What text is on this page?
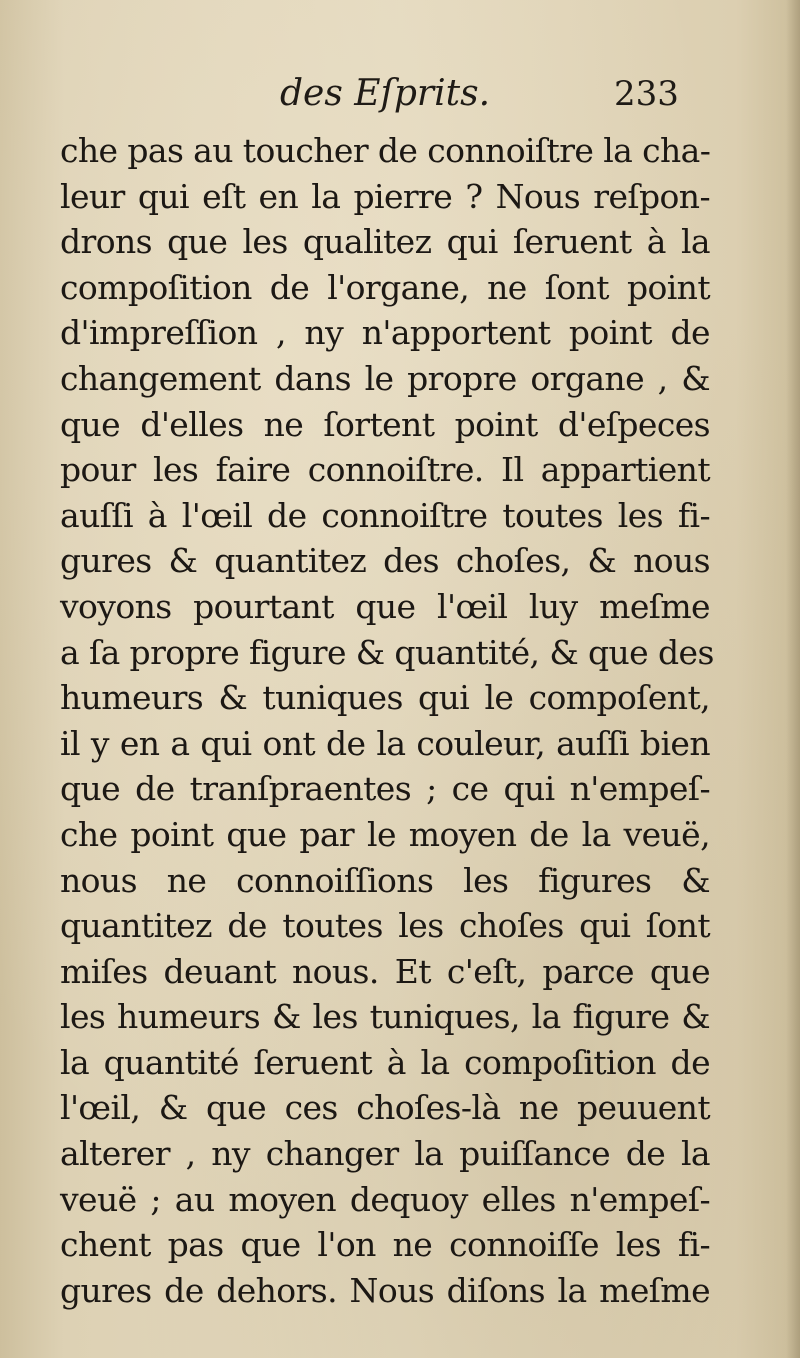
des Eſprits.	233
che pas au toucher de connoiſtre la cha-
leur qui eſt en la pierre ? Nous reſpon-
drons que les qualitez qui ſeruent à la
compoſition de l'organe, ne ſont point
d'impreſſion , ny n'apportent point de
changement dans le propre organe , &
que d'elles ne ſortent point d'eſpeces
pour les faire connoiſtre. Il appartient
auſſi à l'œil de connoiſtre toutes les fi-
gures & quantitez des choſes, & nous
voyons pourtant que l'œil luy meſme
a ſa propre figure & quantité, & que des
humeurs & tuniques qui le compoſent,
il y en a qui ont de la couleur, auſſi bien
que de tranſpraentes ; ce qui n'empeſ-
che point que par le moyen de la veuë,
nous ne connoiſſions les figures &
quantitez de toutes les choſes qui ſont
miſes deuant nous. Et c'eſt, parce que
les humeurs & les tuniques, la figure &
la quantité ſeruent à la compoſition de
l'œil, & que ces choſes-là ne peuuent
alterer , ny changer la puiſſance de la
veuë ; au moyen dequoy elles n'empeſ-
chent pas que l'on ne connoiſſe les fi-
gures de dehors. Nous diſons la meſme
